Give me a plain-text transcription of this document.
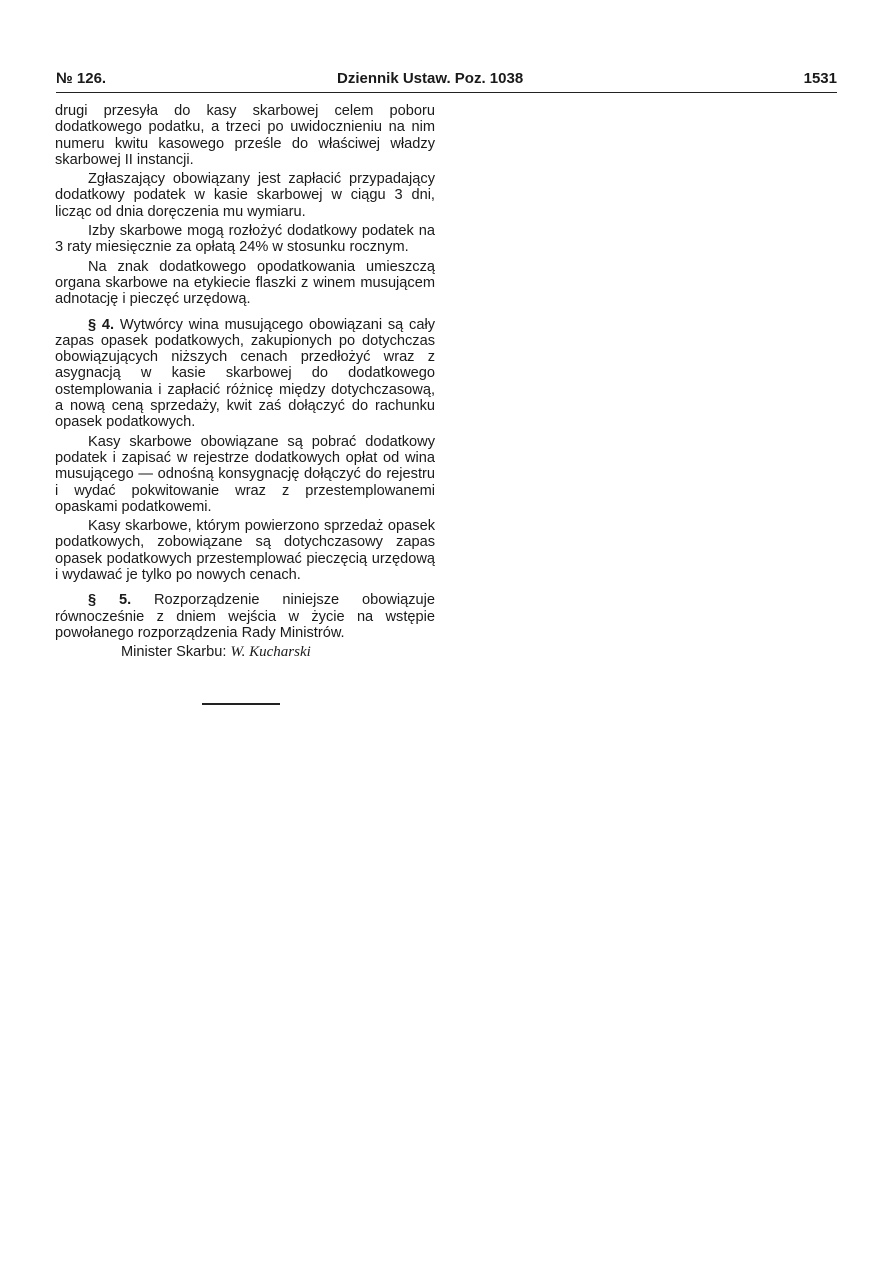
№ 126.	Dziennik Ustaw. Poz. 1038	1531

drugi przesyła do kasy skarbowej celem poboru dodatkowego podatku, a trzeci po uwidocznieniu na nim numeru kwitu kasowego prześle do właściwej władzy skarbowej II instancji.

Zgłaszający obowiązany jest zapłacić przypadający dodatkowy podatek w kasie skarbowej w ciągu 3 dni, licząc od dnia doręczenia mu wymiaru.

Izby skarbowe mogą rozłożyć dodatkowy podatek na 3 raty miesięcznie za opłatą 24% w stosunku rocznym.

Na znak dodatkowego opodatkowania umieszczą organa skarbowe na etykiecie flaszki z winem musującem adnotację i pieczęć urzędową.

§ 4. Wytwórcy wina musującego obowiązani są cały zapas opasek podatkowych, zakupionych po dotychczas obowiązujących niższych cenach przedłożyć wraz z asygnacją w kasie skarbowej do dodatkowego ostemplowania i zapłacić różnicę między dotychczasową, a nową ceną sprzedaży, kwit zaś dołączyć do rachunku opasek podatkowych.

Kasy skarbowe obowiązane są pobrać dodatkowy podatek i zapisać w rejestrze dodatkowych opłat od wina musującego — odnośną konsygnację dołączyć do rejestru i wydać pokwitowanie wraz z przestemplowanemi opaskami podatkowemi.

Kasy skarbowe, którym powierzono sprzedaż opasek podatkowych, zobowiązane są dotychczasowy zapas opasek podatkowych przestemplować pieczęcią urzędową i wydawać je tylko po nowych cenach.

§ 5. Rozporządzenie niniejsze obowiązuje równocześnie z dniem wejścia w życie na wstępie powołanego rozporządzenia Rady Ministrów.

Minister Skarbu: W. Kucharski
